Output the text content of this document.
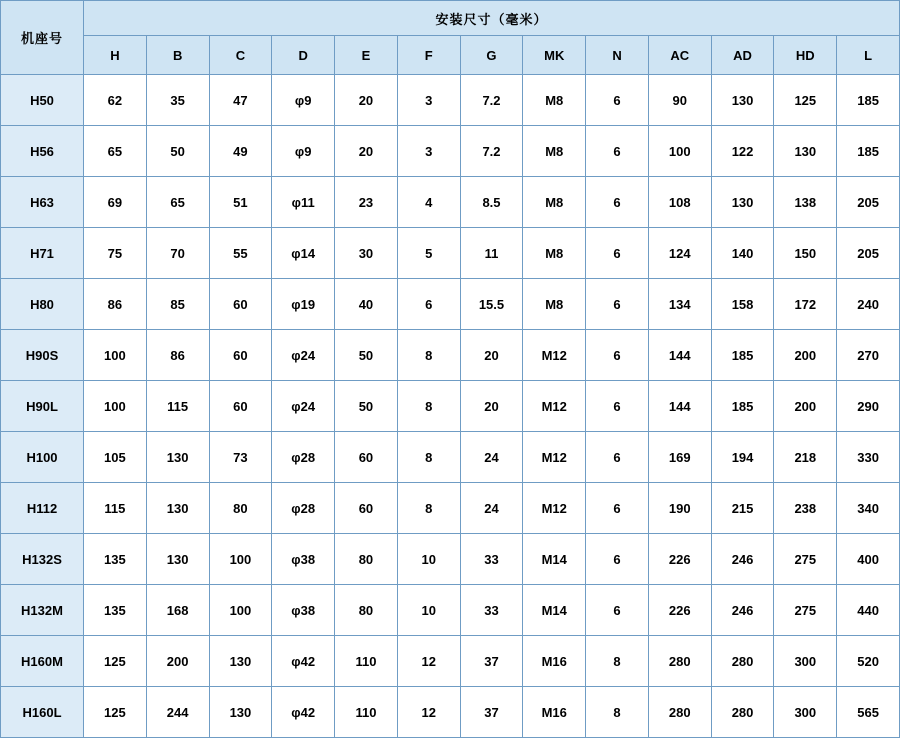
机座号	安装尺寸（毫米）												
	H	B	C	D	E	F	G	MK	N	AC	AD	HD	L
H50	62	35	47	φ9	20	3	7.2	M8	6	90	130	125	185
H56	65	50	49	φ9	20	3	7.2	M8	6	100	122	130	185
H63	69	65	51	φ11	23	4	8.5	M8	6	108	130	138	205
H71	75	70	55	φ14	30	5	11	M8	6	124	140	150	205
H80	86	85	60	φ19	40	6	15.5	M8	6	134	158	172	240
H90S	100	86	60	φ24	50	8	20	M12	6	144	185	200	270
H90L	100	115	60	φ24	50	8	20	M12	6	144	185	200	290
H100	105	130	73	φ28	60	8	24	M12	6	169	194	218	330
H112	115	130	80	φ28	60	8	24	M12	6	190	215	238	340
H132S	135	130	100	φ38	80	10	33	M14	6	226	246	275	400
H132M	135	168	100	φ38	80	10	33	M14	6	226	246	275	440
H160M	125	200	130	φ42	110	12	37	M16	8	280	280	300	520
H160L	125	244	130	φ42	110	12	37	M16	8	280	280	300	565
